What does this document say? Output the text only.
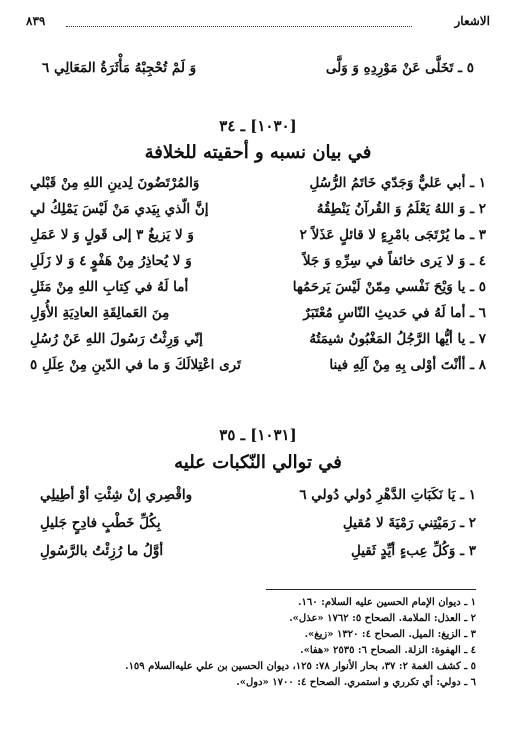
الاشعار
٨٣٩
٥ ـ تَخَلَّى عَنْ مَوْرِدِهِ وَ وَلَّى
وَ لَمْ تُحْجِبْهُ مَأْثَرَةُ المَعَالِي ٦
[١٠٣٠] ـ ٣٤
في بيان نسبه و أحقيته للخلافة
١ ـ أبي عَليٌّ وَجَدّي خَاتَمُ الرُّسُلِ
وَالمُرْتَضُونَ لِدينِ اللهِ مِنْ قَبْلي
٢ ـ وَ اللهُ يَعْلَمُ وَ القُرآنُ يَنْطِقُهُ
إنَّ الّذي بِيَدي مَنْ لَيْسَ يَمْلِكُ لي
٣ ـ ما يُرْتَجَى بامْرِءٍ لا قائلٍ عَذَلاً ٢
وَ لا يَزيغُ ٣ إلى قَولٍ وَ لا عَمَلِ
٤ ـ وَ لا يَرى خائفاً في سِرِّهِ وَ جَلاً
وَ لا يُحاذِرُ مِنْ هَفْوٍ ٤ وَ لا زَلَلِ
٥ ـ يا وَيْحَ نَفْسي مِمّنْ لَيْسَ يَرحَمُها
أما لَهُ في كِتابِ اللهِ مِنْ مَثَلِ
٦ ـ أما لَهُ في حَديثِ النّاسِ مُعْتَبَرٌ
مِنَ العَمالِقَةِ العادِيَةِ الأُوَلِ
٧ ـ يا أيُّها الرَّجُلُ المَغْبُونُ شيمَتُهُ
إنّي وَرِثْتُ رَسُولَ اللهِ عَنْ رُسُلِ
٨ ـ أأنْتَ أوْلى بِهِ مِنْ آلِهِ فينا
تَرى اعْتِلالَكَ وَ ما في الدّينِ مِنْ عِلَلِ ٥
[١٠٣١] ـ ٣٥
في توالي النّكبات عليه
١ ـ يَا نَكَبَاتِ الدَّهْرِ دُولي دُولي ٦
واقْصِري إنْ شِئْتِ أوْ أطِيلِي
٢ ـ رَمَيْتِني رَمْيَةَ لا مُقيلِ
بِكُلِّ خَطْبٍ فادِحٍ جَليلِ
٣ ـ وَكُلِّ عِبءٍ أيِّدٍ ثَقيلِ
أوَّلُ ما رُزِئْتُ بالرَّسُولِ
١ ـ ديوان الإمام الحسين عليه السلام: ١٦٠.
٢ ـ العذل: الملامة. الصحاح ٥: ١٧٦٢ «عذل».
٣ ـ الزيغ: الميل. الصحاح ٤: ١٣٢٠ «زيغ».
٤ ـ الهفوة: الزلة. الصحاح ٦: ٢٥٣٥ «هفا».
٥ ـ كشف الغمة ٢: ٣٧، بحار الأنوار ٧٨: ١٢٥، ديوان الحسين بن علي عليه‌السلام ١٥٩.
٦ ـ دولي: أي تكرري و استمري. الصحاح ٤: ١٧٠٠ «دول».
